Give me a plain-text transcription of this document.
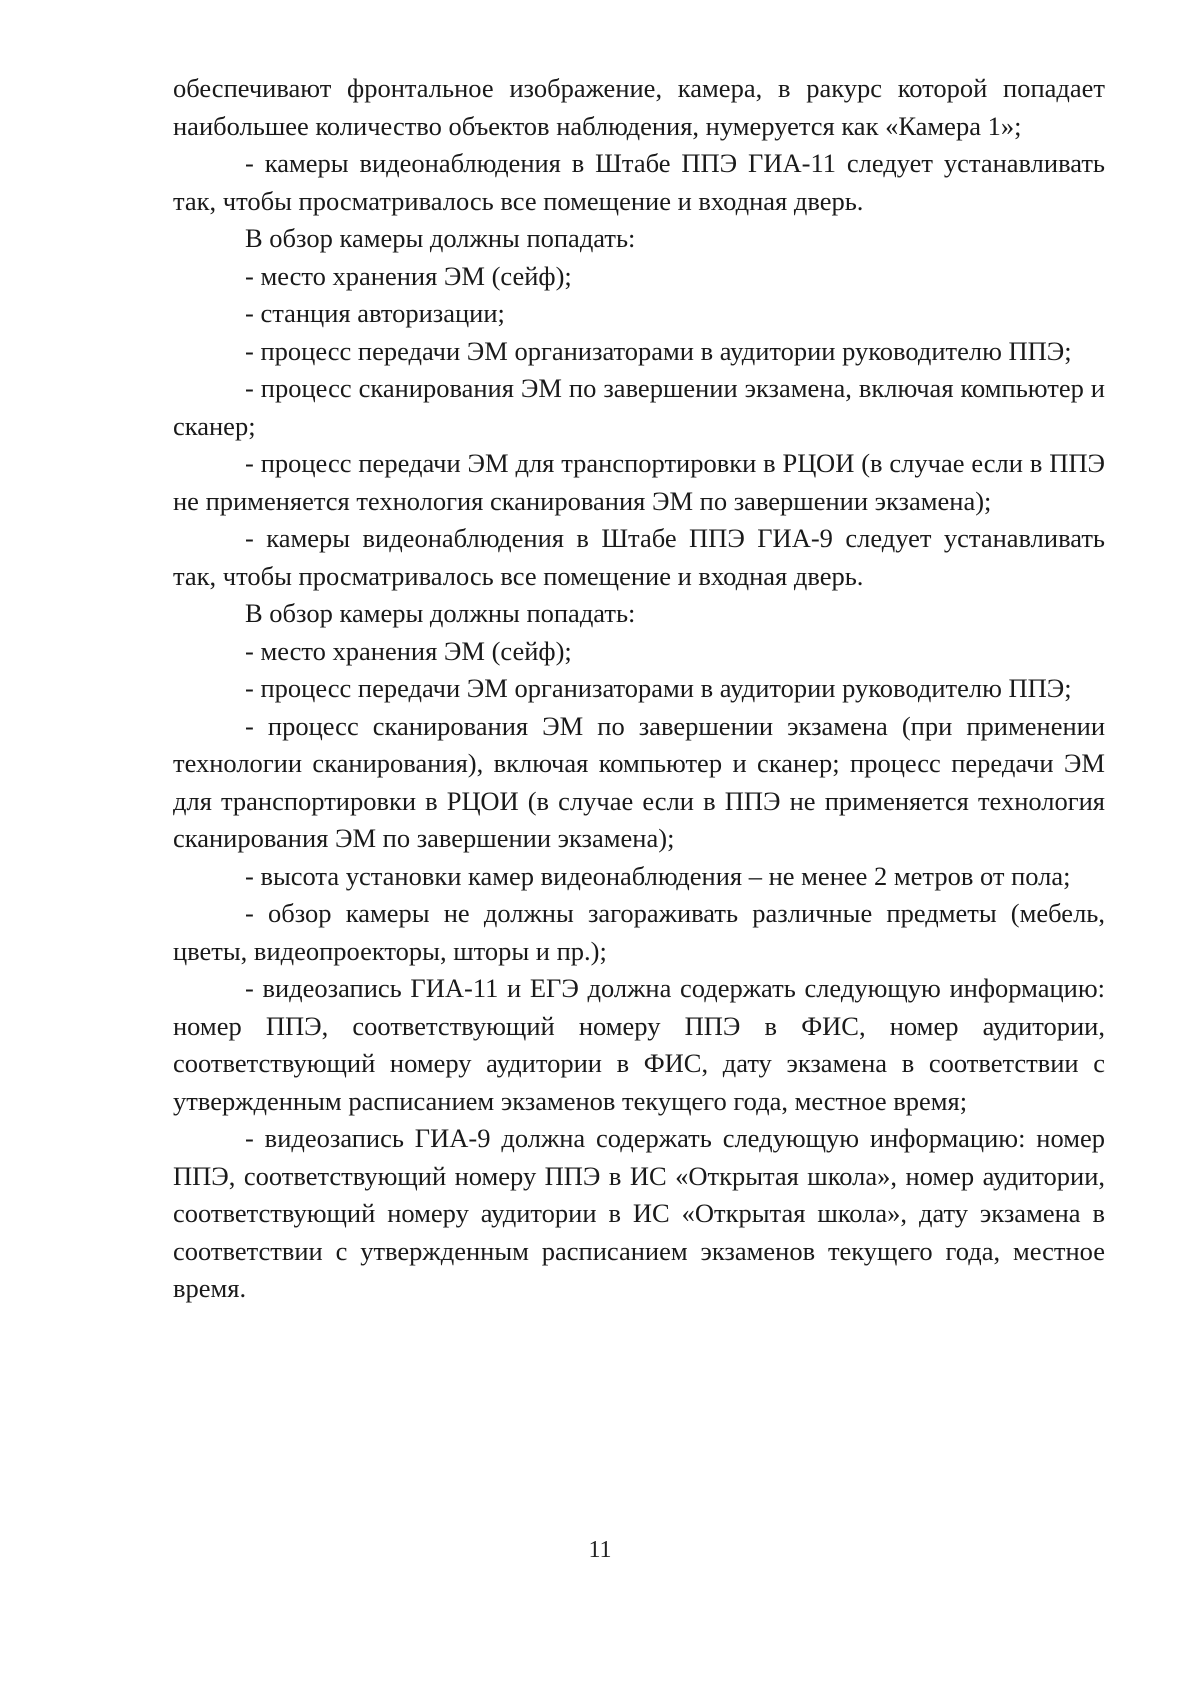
обеспечивают фронтальное изображение, камера, в ракурс которой попадает наибольшее количество объектов наблюдения, нумеруется как «Камера 1»;

- камеры видеонаблюдения в Штабе ППЭ ГИА-11 следует устанавливать так, чтобы просматривалось все помещение и входная дверь.

В обзор камеры должны попадать:

- место хранения ЭМ (сейф);

- станция авторизации;

- процесс передачи ЭМ организаторами в аудитории руководителю ППЭ;

- процесс сканирования ЭМ по завершении экзамена, включая компьютер и сканер;

- процесс передачи ЭМ для транспортировки в РЦОИ (в случае если в ППЭ не применяется технология сканирования ЭМ по завершении экзамена);

- камеры видеонаблюдения в Штабе ППЭ ГИА-9 следует устанавливать так, чтобы просматривалось все помещение и входная дверь.

В обзор камеры должны попадать:

- место хранения ЭМ (сейф);

- процесс передачи ЭМ организаторами в аудитории руководителю ППЭ;

- процесс сканирования ЭМ по завершении экзамена (при применении технологии сканирования), включая компьютер и сканер; процесс передачи ЭМ для транспортировки в РЦОИ (в случае если в ППЭ не применяется технология сканирования ЭМ по завершении экзамена);

- высота установки камер видеонаблюдения – не менее 2 метров от пола;

- обзор камеры не должны загораживать различные предметы (мебель, цветы, видеопроекторы, шторы и пр.);

- видеозапись ГИА-11 и ЕГЭ должна содержать следующую информацию: номер ППЭ, соответствующий номеру ППЭ в ФИС, номер аудитории, соответствующий номеру аудитории в ФИС, дату экзамена в соответствии с утвержденным расписанием экзаменов текущего года, местное время;

- видеозапись ГИА-9 должна содержать следующую информацию: номер ППЭ, соответствующий номеру ППЭ в ИС «Открытая школа», номер аудитории, соответствующий номеру аудитории в ИС «Открытая школа», дату экзамена в соответствии с утвержденным расписанием экзаменов текущего года, местное время.

11
